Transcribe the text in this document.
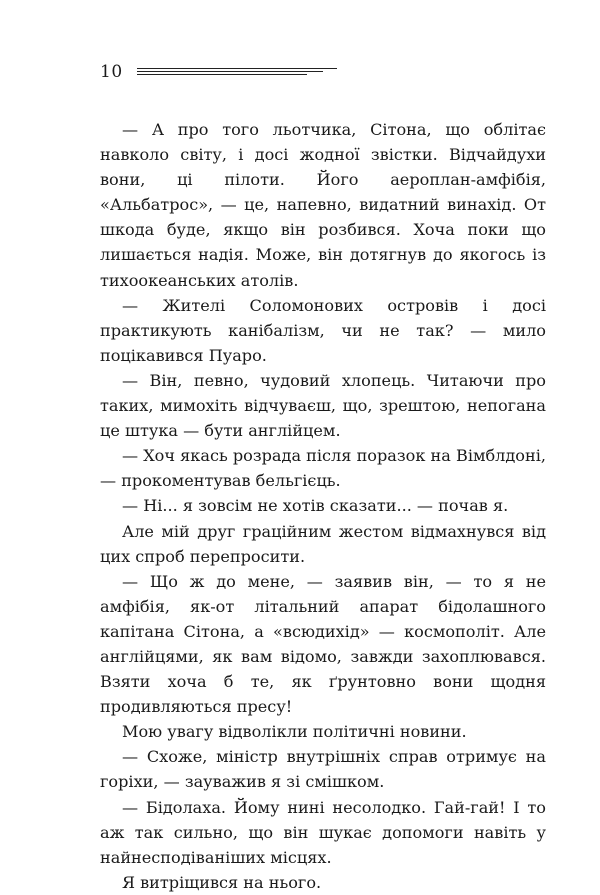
10

— А про того льотчика, Сітона, що облітає навколо світу, і досі жодної звістки. Відчайдухи вони, ці пілоти. Його аероплан-амфібія, «Альбатрос», — це, напевно, видатний винахід. От шкода буде, якщо він розбився. Хоча поки що лишається надія. Може, він дотягнув до якогось із тихоокеанських атолів.

— Жителі Соломонових островів і досі практикують канібалізм, чи не так? — мило поцікавився Пуаро.

— Він, певно, чудовий хлопець. Читаючи про таких, мимохіть відчуваєш, що, зрештою, непогана це штука — бути англійцем.

— Хоч якась розрада після поразок на Вімблдоні, — прокоментував бельгієць.

— Ні... я зовсім не хотів сказати... — почав я.

Але мій друг граційним жестом відмахнувся від цих спроб перепросити.

— Що ж до мене, — заявив він, — то я не амфібія, як-от літальний апарат бідолашного капітана Сітона, а «всюдихід» — космополіт. Але англійцями, як вам відомо, завжди захоплювався. Взяти хоча б те, як ґрунтовно вони щодня продивляються пресу!

Мою увагу відволікли політичні новини.

— Схоже, міністр внутрішніх справ отримує на горіхи, — зауважив я зі смішком.

— Бідолаха. Йому нині несолодко. Гай-гай! І то аж так сильно, що він шукає допомоги навіть у найнесподіваніших місцях.

Я витріщився на нього.
